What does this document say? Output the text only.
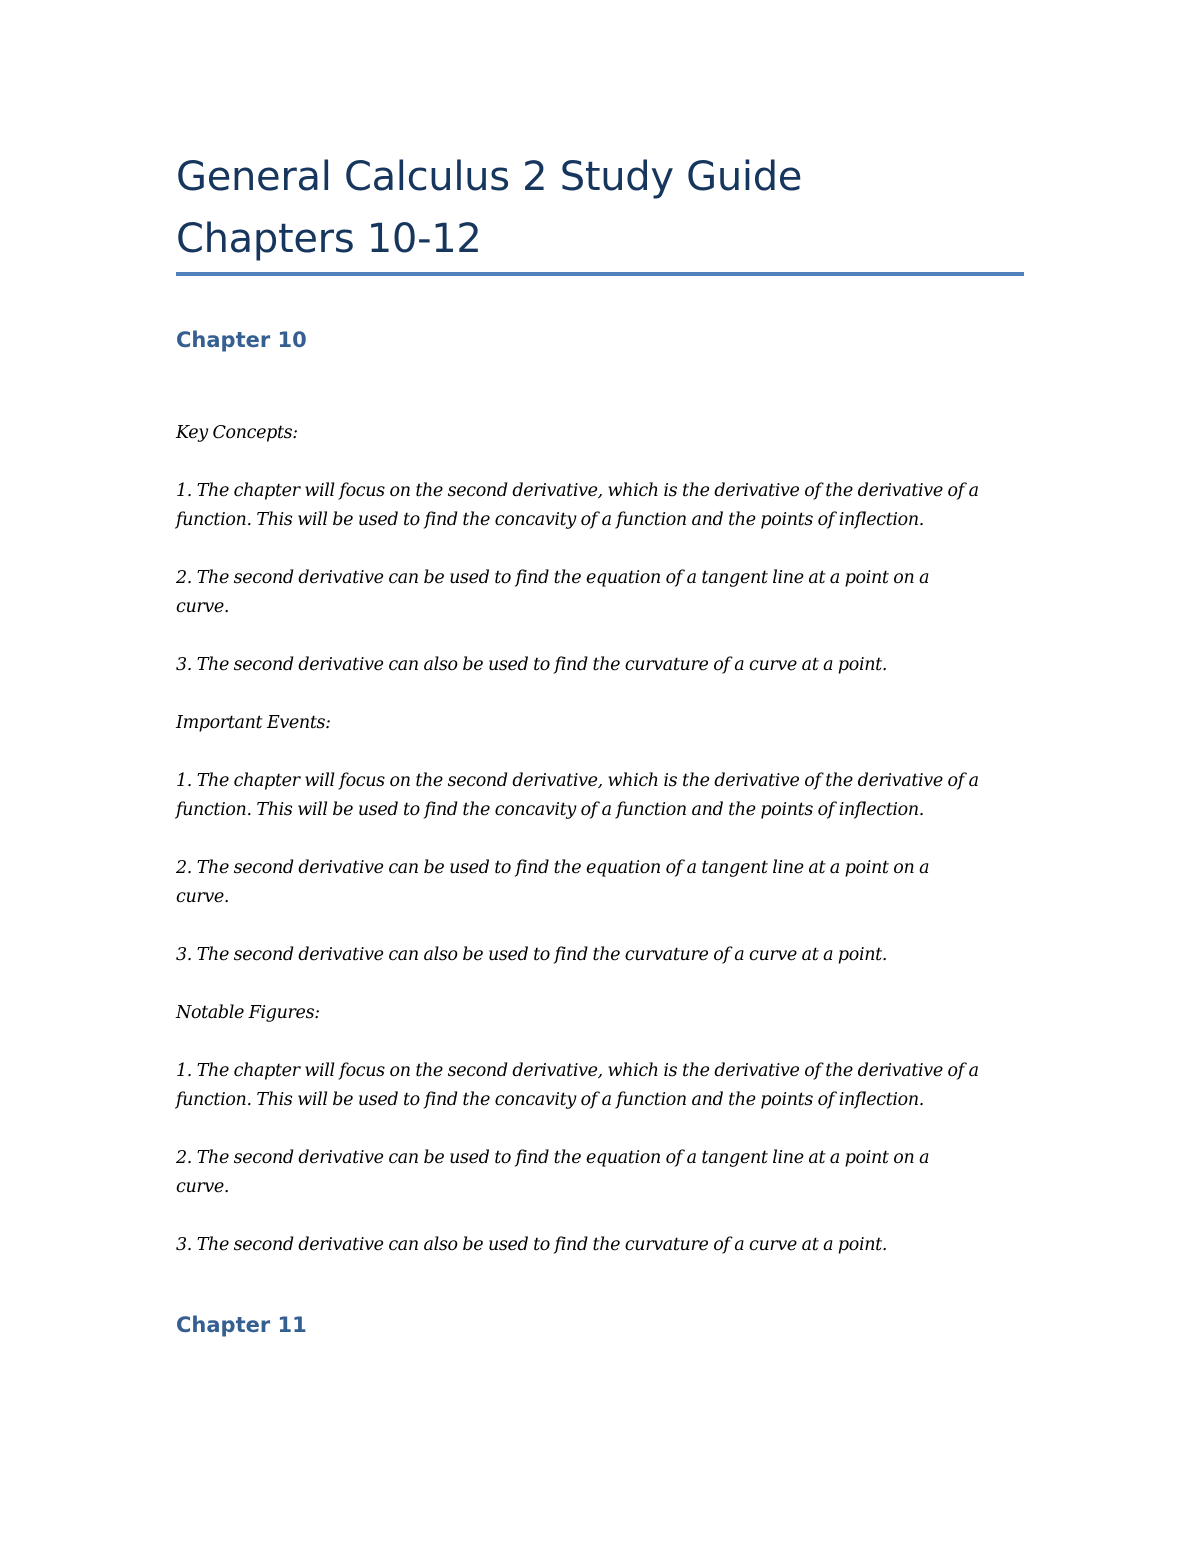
General Calculus 2 Study Guide
Chapters 10-12
Chapter 10

Key Concepts:

1. The chapter will focus on the second derivative, which is the derivative of the derivative of a function. This will be used to find the concavity of a function and the points of inflection.

2. The second derivative can be used to find the equation of a tangent line at a point on a curve.

3. The second derivative can also be used to find the curvature of a curve at a point.

Important Events:

1. The chapter will focus on the second derivative, which is the derivative of the derivative of a function. This will be used to find the concavity of a function and the points of inflection.

2. The second derivative can be used to find the equation of a tangent line at a point on a curve.

3. The second derivative can also be used to find the curvature of a curve at a point.

Notable Figures:

1. The chapter will focus on the second derivative, which is the derivative of the derivative of a function. This will be used to find the concavity of a function and the points of inflection.

2. The second derivative can be used to find the equation of a tangent line at a point on a curve.

3. The second derivative can also be used to find the curvature of a curve at a point.

Chapter 11
